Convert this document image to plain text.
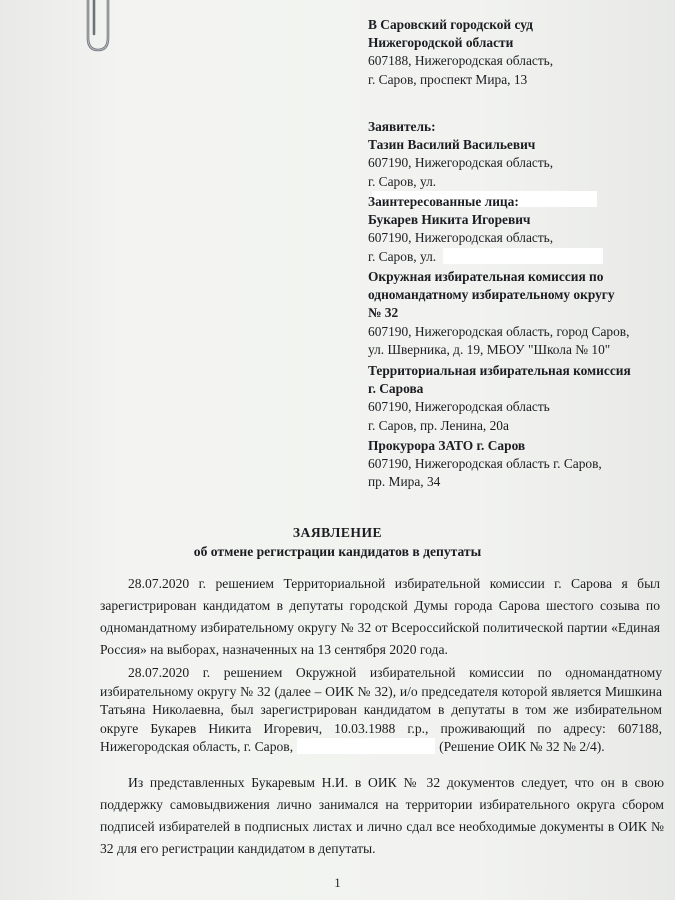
В Саровский городской суд
Нижегородской области
607188, Нижегородская область,
г. Саров, проспект Мира, 13
Заявитель:
Тазин Василий Васильевич
607190, Нижегородская область,
г. Саров, ул.
Заинтересованные лица:
Букарев Никита Игоревич
607190, Нижегородская область,
г. Саров, ул.
Окружная избирательная комиссия по
одномандатному избирательному округу
№ 32
607190, Нижегородская область, город Саров,
ул. Шверника, д. 19, МБОУ "Школа № 10"
Территориальная избирательная комиссия
г. Сарова
607190, Нижегородская область
г. Саров, пр. Ленина, 20а
Прокурора ЗАТО г. Саров
607190, Нижегородская область г. Саров,
пр. Мира, 34
ЗАЯВЛЕНИЕ
об отмене регистрации кандидатов в депутаты
28.07.2020 г. решением Территориальной избирательной комиссии г. Сарова я был
зарегистрирован кандидатом в депутаты городской Думы города Сарова шестого созыва по
одномандатному избирательному округу № 32 от Всероссийской политической партии «Единая
Россия» на выборах, назначенных на 13 сентября 2020 года.
28.07.2020 г. решением Окружной избирательной комиссии по одномандатному
избирательному округу № 32 (далее – ОИК № 32), и/о председателя которой является Мишкина
Татьяна Николаевна, был зарегистрирован кандидатом в депутаты в том же избирательном
округе Букарев Никита Игоревич, 10.03.1988 г.р., проживающий по адресу: 607188,
Нижегородская область, г. Саров,	(Решение ОИК № 32 № 2/4).
Из представленных Букаревым Н.И. в ОИК № 32 документов следует, что он в свою
поддержку самовыдвижения лично занимался на территории избирательного округа сбором
подписей избирателей в подписных листах и лично сдал все необходимые документы в ОИК №
32 для его регистрации кандидатом в депутаты.
1
